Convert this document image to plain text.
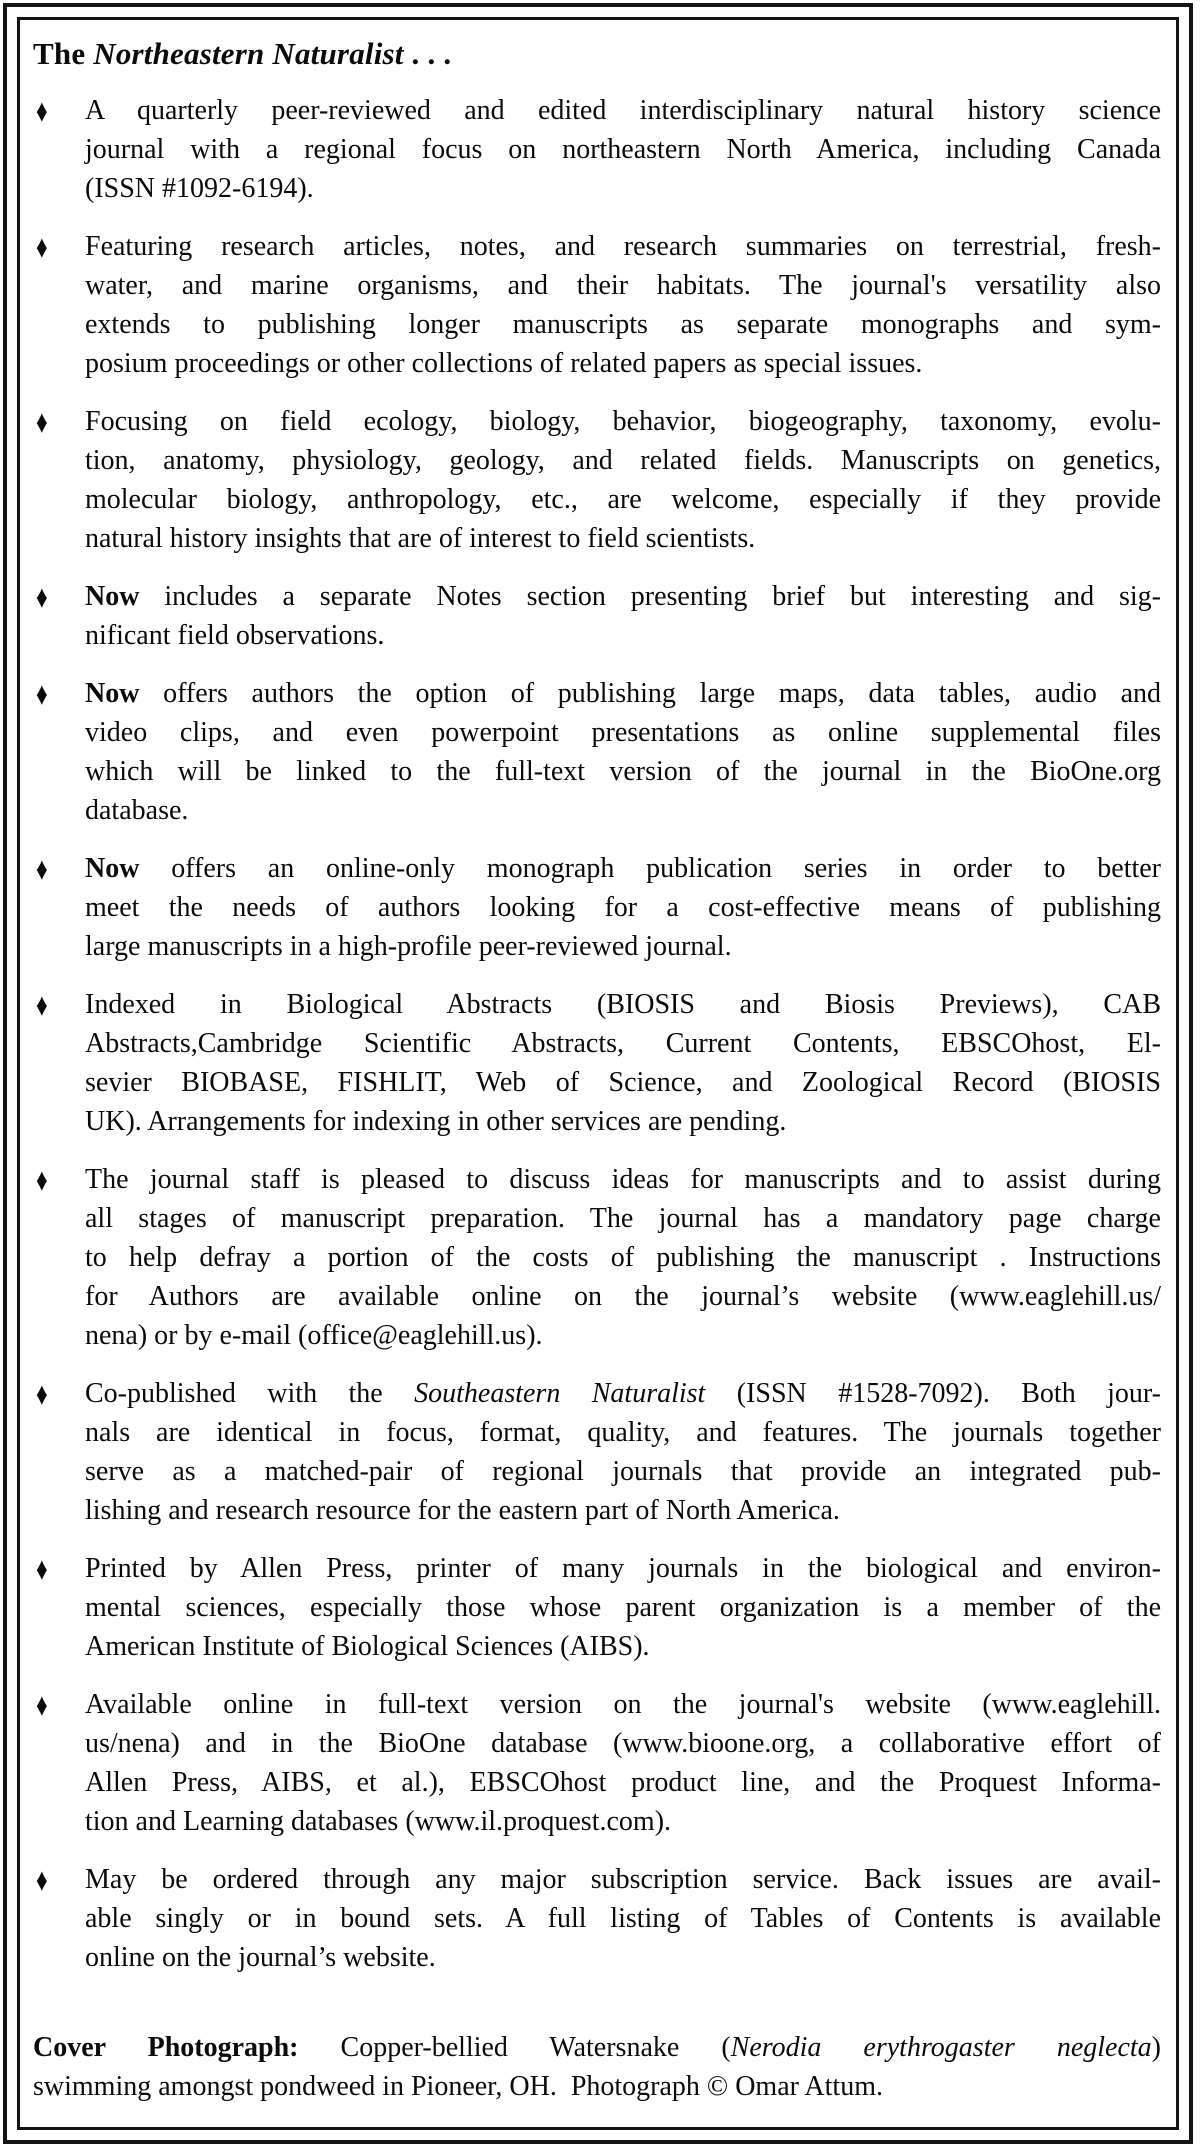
The Northeastern Naturalist . . .
♦ A quarterly peer-reviewed and edited interdisciplinary natural history science
journal with a regional focus on northeastern North America, including Canada
(ISSN #1092-6194).
♦ Featuring research articles, notes, and research summaries on terrestrial, fresh-
water, and marine organisms, and their habitats. The journal's versatility also
extends to publishing longer manuscripts as separate monographs and sym-
posium proceedings or other collections of related papers as special issues.
♦ Focusing on field ecology, biology, behavior, biogeography, taxonomy, evolu-
tion, anatomy, physiology, geology, and related fields. Manuscripts on genetics,
molecular biology, anthropology, etc., are welcome, especially if they provide
natural history insights that are of interest to field scientists.
♦ Now includes a separate Notes section presenting brief but interesting and sig-
nificant field observations.
♦ Now offers authors the option of publishing large maps, data tables, audio and
video clips, and even powerpoint presentations as online supplemental files
which will be linked to the full-text version of the journal in the BioOne.org
database.
♦ Now offers an online-only monograph publication series in order to better
meet the needs of authors looking for a cost-effective means of publishing
large manuscripts in a high-profile peer-reviewed journal.
♦ Indexed in Biological Abstracts (BIOSIS and Biosis Previews), CAB
Abstracts,Cambridge Scientific Abstracts, Current Contents, EBSCOhost, El-
sevier BIOBASE, FISHLIT, Web of Science, and Zoological Record (BIOSIS
UK). Arrangements for indexing in other services are pending.
♦ The journal staff is pleased to discuss ideas for manuscripts and to assist during
all stages of manuscript preparation. The journal has a mandatory page charge
to help defray a portion of the costs of publishing the manuscript . Instructions
for Authors are available online on the journal’s website (www.eaglehill.us/
nena) or by e-mail (office@eaglehill.us).
♦ Co-published with the Southeastern Naturalist (ISSN #1528-7092). Both jour-
nals are identical in focus, format, quality, and features. The journals together
serve as a matched-pair of regional journals that provide an integrated pub-
lishing and research resource for the eastern part of North America.
♦ Printed by Allen Press, printer of many journals in the biological and environ-
mental sciences, especially those whose parent organization is a member of the
American Institute of Biological Sciences (AIBS).
♦ Available online in full-text version on the journal's website (www.eaglehill.
us/nena) and in the BioOne database (www.bioone.org, a collaborative effort of
Allen Press, AIBS, et al.), EBSCOhost product line, and the Proquest Informa-
tion and Learning databases (www.il.proquest.com).
♦ May be ordered through any major subscription service. Back issues are avail-
able singly or in bound sets. A full listing of Tables of Contents is available
online on the journal’s website.
Cover Photograph: Copper-bellied Watersnake (Nerodia erythrogaster neglecta)
swimming amongst pondweed in Pioneer, OH.  Photograph © Omar Attum.
